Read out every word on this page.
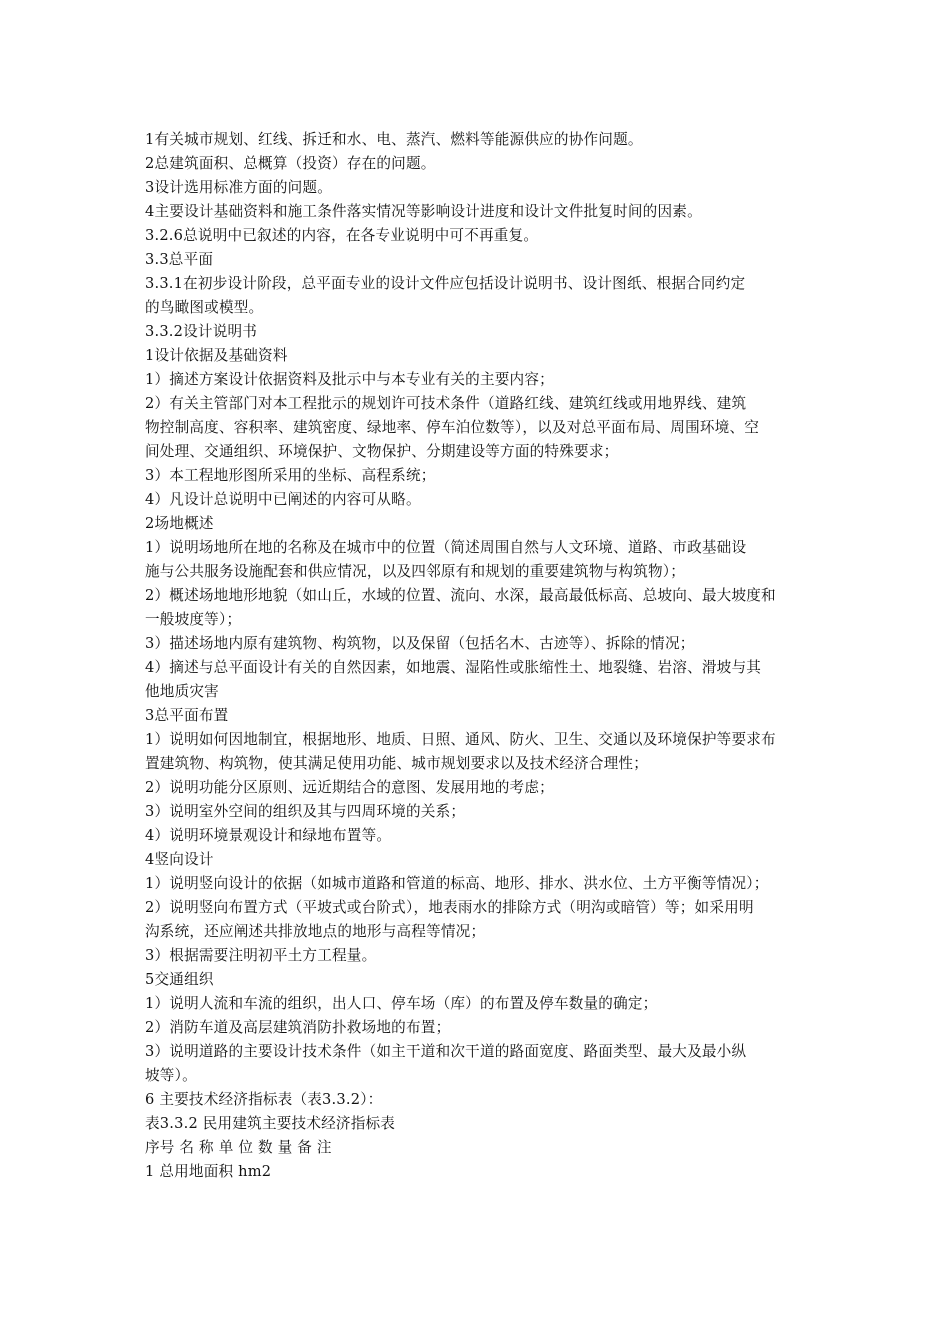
1有关城市规划、红线、拆迁和水、电、蒸汽、燃料等能源供应的协作问题。
2总建筑面积、总概算（投资）存在的问题。
3设计选用标准方面的问题。
4主要设计基础资料和施工条件落实情况等影响设计进度和设计文件批复时间的因素。
3.2.6总说明中已叙述的内容，在各专业说明中可不再重复。
3.3总平面
3.3.1在初步设计阶段，总平面专业的设计文件应包括设计说明书、设计图纸、根据合同约定
的鸟瞰图或模型。
3.3.2设计说明书
1设计依据及基础资料
1）摘述方案设计依据资料及批示中与本专业有关的主要内容；
2）有关主管部门对本工程批示的规划许可技术条件（道路红线、建筑红线或用地界线、建筑
物控制高度、容积率、建筑密度、绿地率、停车泊位数等），以及对总平面布局、周围环境、空
间处理、交通组织、环境保护、文物保护、分期建设等方面的特殊要求；
3）本工程地形图所采用的坐标、高程系统；
4）凡设计总说明中已阐述的内容可从略。
2场地概述
1）说明场地所在地的名称及在城市中的位置（简述周围自然与人文环境、道路、市政基础设
施与公共服务设施配套和供应情况，以及四邻原有和规划的重要建筑物与构筑物）；
2）概述场地地形地貌（如山丘，水域的位置、流向、水深，最高最低标高、总坡向、最大坡度和
一般坡度等）；
3）描述场地内原有建筑物、构筑物，以及保留（包括名木、古迹等）、拆除的情况；
4）摘述与总平面设计有关的自然因素，如地震、湿陷性或胀缩性土、地裂缝、岩溶、滑坡与其
他地质灾害
3总平面布置
1）说明如何因地制宜，根据地形、地质、日照、通风、防火、卫生、交通以及环境保护等要求布
置建筑物、构筑物，使其满足使用功能、城市规划要求以及技术经济合理性；
2）说明功能分区原则、远近期结合的意图、发展用地的考虑；
3）说明室外空间的组织及其与四周环境的关系；
4）说明环境景观设计和绿地布置等。
4竖向设计
1）说明竖向设计的依据（如城市道路和管道的标高、地形、排水、洪水位、土方平衡等情况）；
2）说明竖向布置方式（平坡式或台阶式），地表雨水的排除方式（明沟或暗管）等；如采用明
沟系统，还应阐述共排放地点的地形与高程等情况；
3）根据需要注明初平土方工程量。
5交通组织
1）说明人流和车流的组织，出人口、停车场（库）的布置及停车数量的确定；
2）消防车道及高层建筑消防扑救场地的布置；
3）说明道路的主要设计技术条件（如主干道和次干道的路面宽度、路面类型、最大及最小纵
坡等）。
6 主要技术经济指标表（表3.3.2）：
表3.3.2 民用建筑主要技术经济指标表
序号 名 称 单 位 数 量 备 注
1 总用地面积 hm2
